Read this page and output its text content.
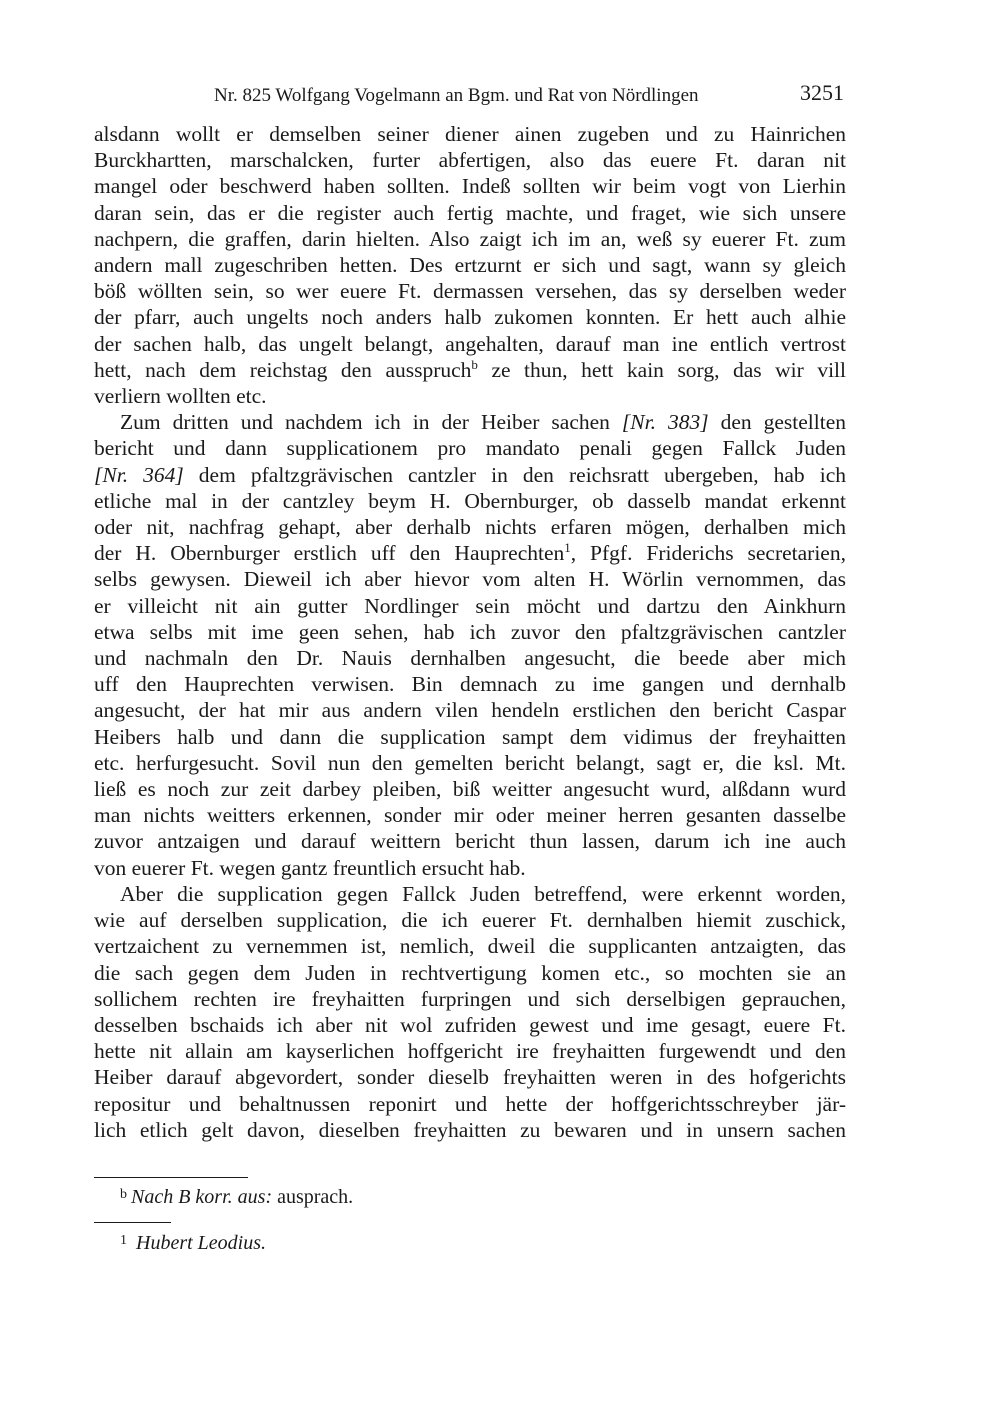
Nr. 825 Wolfgang Vogelmann an Bgm. und Rat von Nördlingen	3251
alsdann wollt er demselben seiner diener ainen zugeben und zu Hainrichen
Burckhartten, marschalcken, furter abfertigen, also das euere Ft. daran nit
mangel oder beschwerd haben sollten. Indeß sollten wir beim vogt von Lierhin
daran sein, das er die register auch fertig machte, und fraget, wie sich unsere
nachpern, die graffen, darin hielten. Also zaigt ich im an, weß sy euerer Ft. zum
andern mall zugeschriben hetten. Des ertzurnt er sich und sagt, wann sy gleich
böß wöllten sein, so wer euere Ft. dermassen versehen, das sy derselben weder
der pfarr, auch ungelts noch anders halb zukomen konnten. Er hett auch alhie
der sachen halb, das ungelt belangt, angehalten, darauf man ine entlich vertrost
hett, nach dem reichstag den ausspruch$^b$ ze thun, hett kain sorg, das wir vill
verliern wollten etc.
Zum dritten und nachdem ich in der Heiber sachen [Nr. 383] den gestellten
bericht und dann supplicationem pro mandato penali gegen Fallck Juden
[Nr. 364] dem pfaltzgrävischen cantzler in den reichsratt ubergeben, hab ich
etliche mal in der cantzley beym H. Obernburger, ob dasselb mandat erkennt
oder nit, nachfrag gehapt, aber derhalb nichts erfaren mögen, derhalben mich
der H. Obernburger erstlich uff den Hauprechten$^1$, Pfgf. Friderichs secretarien,
selbs gewysen. Dieweil ich aber hievor vom alten H. Wörlin vernommen, das
er villeicht nit ain gutter Nordlinger sein möcht und dartzu den Ainkhurn
etwa selbs mit ime geen sehen, hab ich zuvor den pfaltzgrävischen cantzler
und nachmaln den Dr. Nauis dernhalben angesucht, die beede aber mich
uff den Hauprechten verwisen. Bin demnach zu ime gangen und dernhalb
angesucht, der hat mir aus andern vilen hendeln erstlichen den bericht Caspar
Heibers halb und dann die supplication sampt dem vidimus der freyhaitten
etc. herfurgesucht. Sovil nun den gemelten bericht belangt, sagt er, die ksl. Mt.
ließ es noch zur zeit darbey pleiben, biß weitter angesucht wurd, alßdann wurd
man nichts weitters erkennen, sonder mir oder meiner herren gesanten dasselbe
zuvor antzaigen und darauf weittern bericht thun lassen, darum ich ine auch
von euerer Ft. wegen gantz freuntlich ersucht hab.
Aber die supplication gegen Fallck Juden betreffend, were erkennt worden,
wie auf derselben supplication, die ich euerer Ft. dernhalben hiemit zuschick,
vertzaichent zu vernemmen ist, nemlich, dweil die supplicanten antzaigten, das
die sach gegen dem Juden in rechtvertigung komen etc., so mochten sie an
sollichem rechten ire freyhaitten furpringen und sich derselbigen geprauchen,
desselben bschaids ich aber nit wol zufriden gewest und ime gesagt, euere Ft.
hette nit allain am kayserlichen hoffgericht ire freyhaitten furgewendt und den
Heiber darauf abgevordert, sonder dieselb freyhaitten weren in des hofgerichts
repositur und behaltnussen reponirt und hette der hoffgerichtsschreyber jär-
lich etlich gelt davon, dieselben freyhaitten zu bewaren und in unsern sachen
$^b$ Nach B korr. aus: ausprach.
$^1$ Hubert Leodius.
